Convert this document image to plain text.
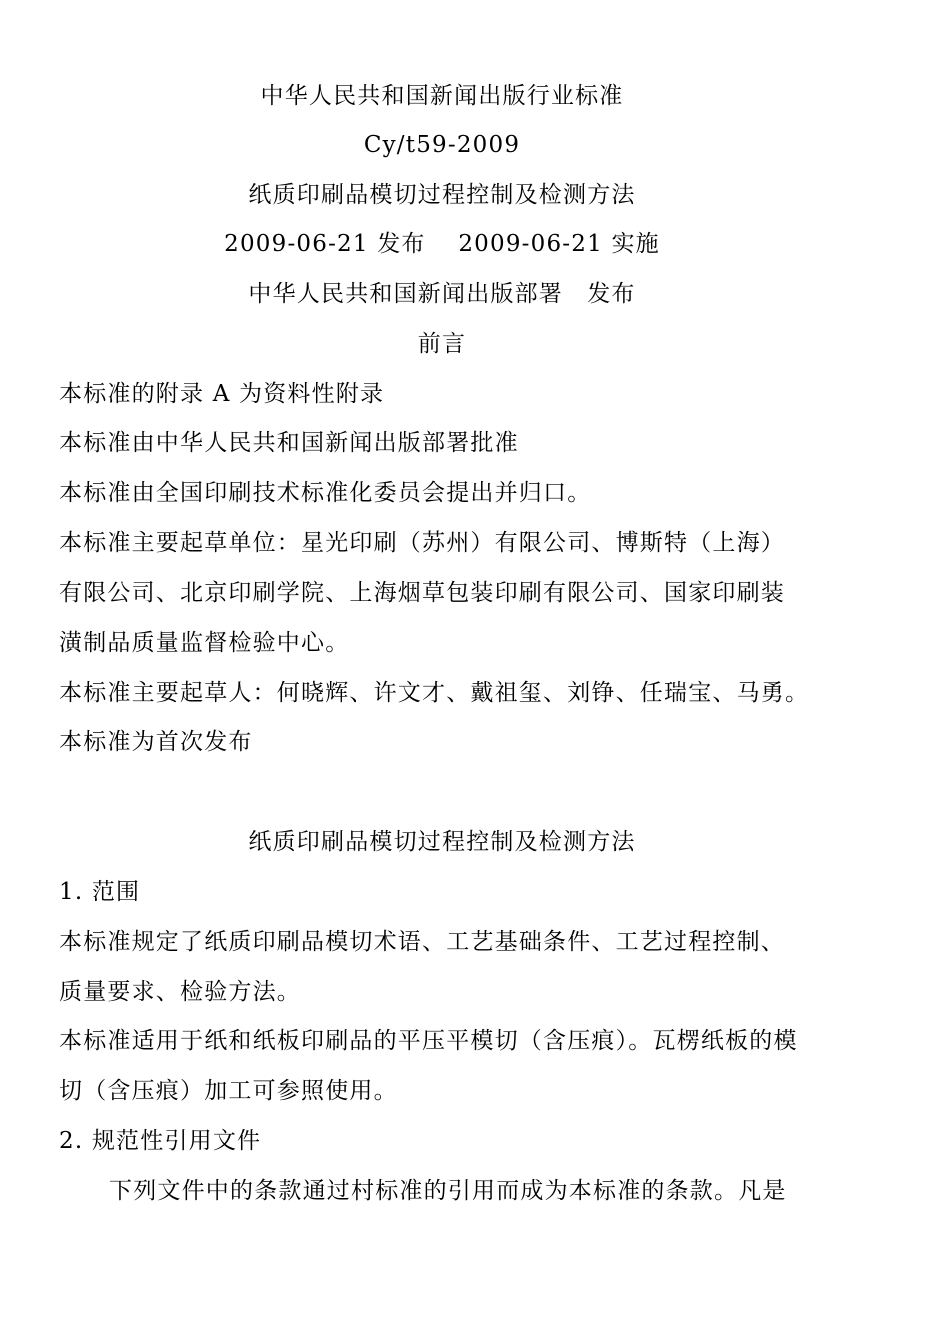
中华人民共和国新闻出版行业标准
Cy/t59-2009
纸质印刷品模切过程控制及检测方法
2009-06-21 发布　 2009-06-21 实施
中华人民共和国新闻出版部署　发布
前言
本标准的附录 A 为资料性附录
本标准由中华人民共和国新闻出版部署批准
本标准由全国印刷技术标准化委员会提出并归口。
本标准主要起草单位：星光印刷（苏州）有限公司、博斯特（上海）
有限公司、北京印刷学院、上海烟草包装印刷有限公司、国家印刷装
潢制品质量监督检验中心。
本标准主要起草人：何晓辉、许文才、戴祖玺、刘铮、任瑞宝、马勇。
本标准为首次发布
纸质印刷品模切过程控制及检测方法
1. 范围
本标准规定了纸质印刷品模切术语、工艺基础条件、工艺过程控制、
质量要求、检验方法。
本标准适用于纸和纸板印刷品的平压平模切（含压痕）。瓦楞纸板的模
切（含压痕）加工可参照使用。
2. 规范性引用文件
下列文件中的条款通过村标准的引用而成为本标准的条款。凡是
